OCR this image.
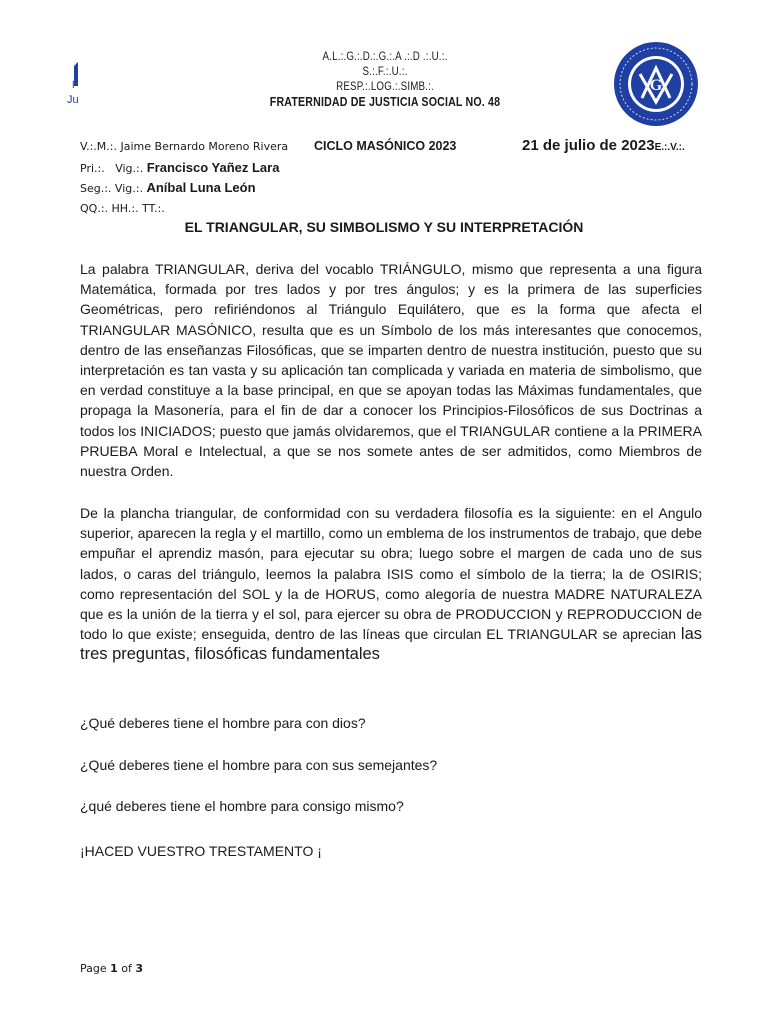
F
Ju
A.L.:.G.:.D.:.G.:.A .:.D .:.U.:.
S.:.F.:.U.:.
RESP.:.LOG.:.SIMB.:.
FRATERNIDAD DE JUSTICIA SOCIAL NO. 48
G
V.:.M.:. Jaime Bernardo Moreno Rivera CICLO MASÓNICO 2023	21 de julio de 2023E.:.V.:.
Pri.:.   Vig.:. Francisco Yañez Lara
Seg.:. Vig.:. Aníbal Luna León
QQ.:. HH.:. TT.:.
EL TRIANGULAR, SU SIMBOLISMO Y SU INTERPRETACIÓN
La palabra TRIANGULAR, deriva del vocablo TRIÁNGULO, mismo que representa a una figura Matemática, formada por tres lados y por tres ángulos; y es la primera de las superficies Geométricas, pero refiriéndonos al Triángulo Equilátero, que es la forma que afecta el TRIANGULAR MASÓNICO, resulta que es un Símbolo de los más interesantes que conocemos, dentro de las enseñanzas Filosóficas, que se imparten dentro de nuestra institución, puesto que su interpretación es tan vasta y su aplicación tan complicada y variada en materia de simbolismo, que en verdad constituye a la base principal, en que se apoyan todas las Máximas fundamentales, que propaga la Masonería, para el fin de dar a conocer los Principios-Filosóficos de sus Doctrinas a todos los INICIADOS; puesto que jamás olvidaremos, que el TRIANGULAR contiene a la PRIMERA PRUEBA Moral e Intelectual, a que se nos somete antes de ser admitidos, como Miembros de nuestra Orden.
De la plancha triangular, de conformidad con su verdadera filosofía es la siguiente: en el Angulo superior, aparecen la regla y el martillo, como un emblema de los instrumentos de trabajo, que debe empuñar el aprendiz masón, para ejecutar su obra; luego sobre el margen de cada uno de sus lados, o caras del triángulo, leemos la palabra ISIS como el símbolo de la tierra; la de OSIRIS; como representación del SOL y la de HORUS, como alegoría de nuestra MADRE NATURALEZA que es la unión de la tierra y el sol, para ejercer su obra de PRODUCCION y REPRODUCCION de todo lo que existe; enseguida, dentro de las líneas que circulan EL TRIANGULAR se aprecian las tres preguntas, filosóficas fundamentales
¿Qué deberes tiene el hombre para con dios?
¿Qué deberes tiene el hombre para con sus semejantes?
¿qué deberes tiene el hombre para consigo mismo?
¡HACED VUESTRO TRESTAMENTO ¡
Page 1 of 3
